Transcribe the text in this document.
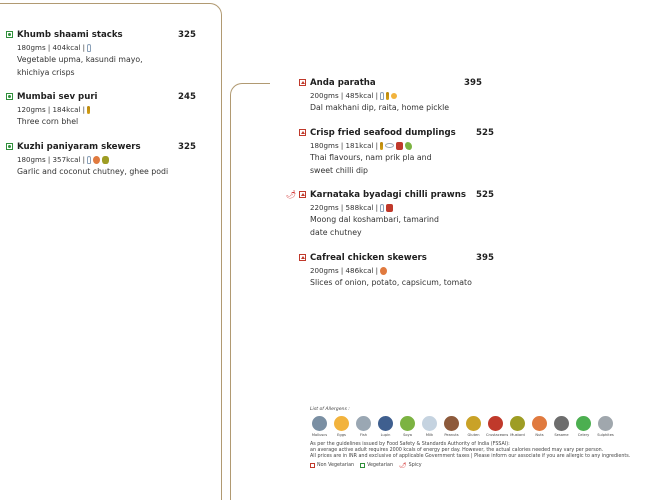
Khumb shaami stacks	325
180gms | 404kcal |
Vegetable upma, kasundi mayo,
khichiya crisps
Mumbai sev puri	245
120gms | 184kcal |
Three corn bhel
Kuzhi paniyaram skewers	325
180gms | 357kcal |
Garlic and coconut chutney, ghee podi
Anda paratha	395
200gms | 485kcal |
Dal makhani dip, raita, home pickle
Crisp fried seafood dumplings 525
180gms | 181kcal |
Thai flavours, nam prik pla and
sweet chilli dip
🌶 Karnataka byadagi chilli prawns 525
220gms | 588kcal |
Moong dal koshambari, tamarind
date chutney
Cafreal chicken skewers	395
200gms | 486kcal |
Slices of onion, potato, capsicum, tomato
List of Allergens :
Molluscs	Eggs	Fish	Lupin	Soya	Milk	Peanuts	Gluten	Crustaceans Mustard	Nuts	Sesame	Celery	Sulphites
As per the guidelines issued by Food Safety & Standards Authority of India (FSSAI):
an average active adult requires 2000 kcals of energy per day. However, the actual calories needed may vary per person.
All prices are in INR and exclusive of applicable Government taxes | Please inform our associate if you are allergic to any ingredients.
Non Vegetarian	Vegetarian 🌶 Spicy
